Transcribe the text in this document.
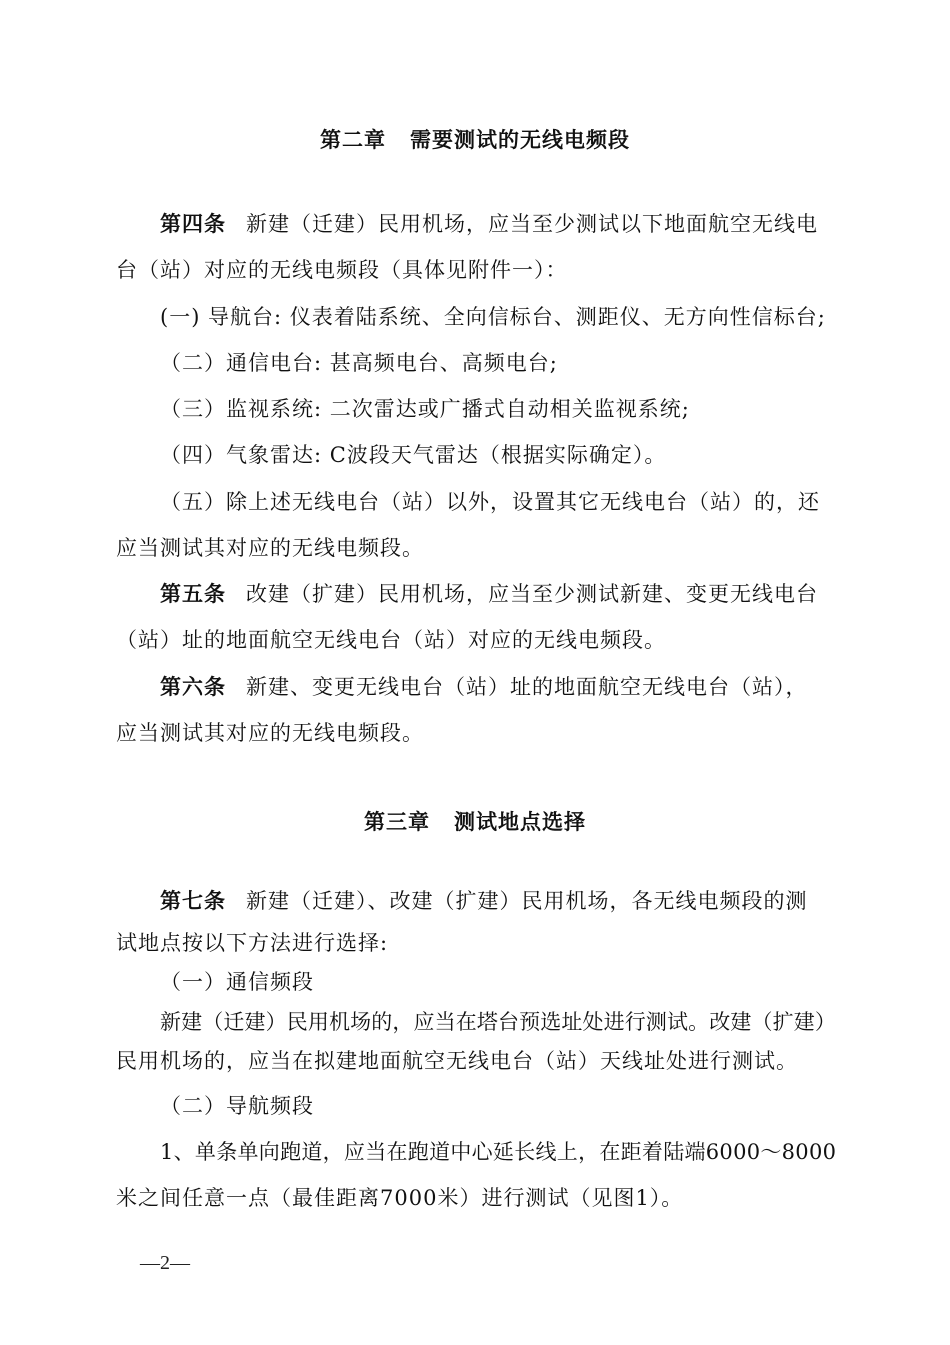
第二章 需要测试的无线电频段
第四条 新建（迁建）民用机场，应当至少测试以下地面航空无线电
台（站）对应的无线电频段（具体见附件一）：
(一) 导航台: 仪表着陆系统、全向信标台、测距仪、无方向性信标台;
（二）通信电台: 甚高频电台、高频电台;
（三）监视系统: 二次雷达或广播式自动相关监视系统;
（四）气象雷达: C波段天气雷达（根据实际确定）。
（五）除上述无线电台（站）以外，设置其它无线电台（站）的，还
应当测试其对应的无线电频段。
第五条 改建（扩建）民用机场，应当至少测试新建、变更无线电台
（站）址的地面航空无线电台（站）对应的无线电频段。
第六条 新建、变更无线电台（站）址的地面航空无线电台（站），
应当测试其对应的无线电频段。
第三章 测试地点选择
第七条 新建（迁建）、改建（扩建）民用机场，各无线电频段的测
试地点按以下方法进行选择:
（一）通信频段
新建（迁建）民用机场的，应当在塔台预选址处进行测试。改建（扩建）
民用机场的，应当在拟建地面航空无线电台（站）天线址处进行测试。
（二）导航频段
1、单条单向跑道，应当在跑道中心延长线上，在距着陆端6000～8000
米之间任意一点（最佳距离7000米）进行测试（见图1）。
—2—
